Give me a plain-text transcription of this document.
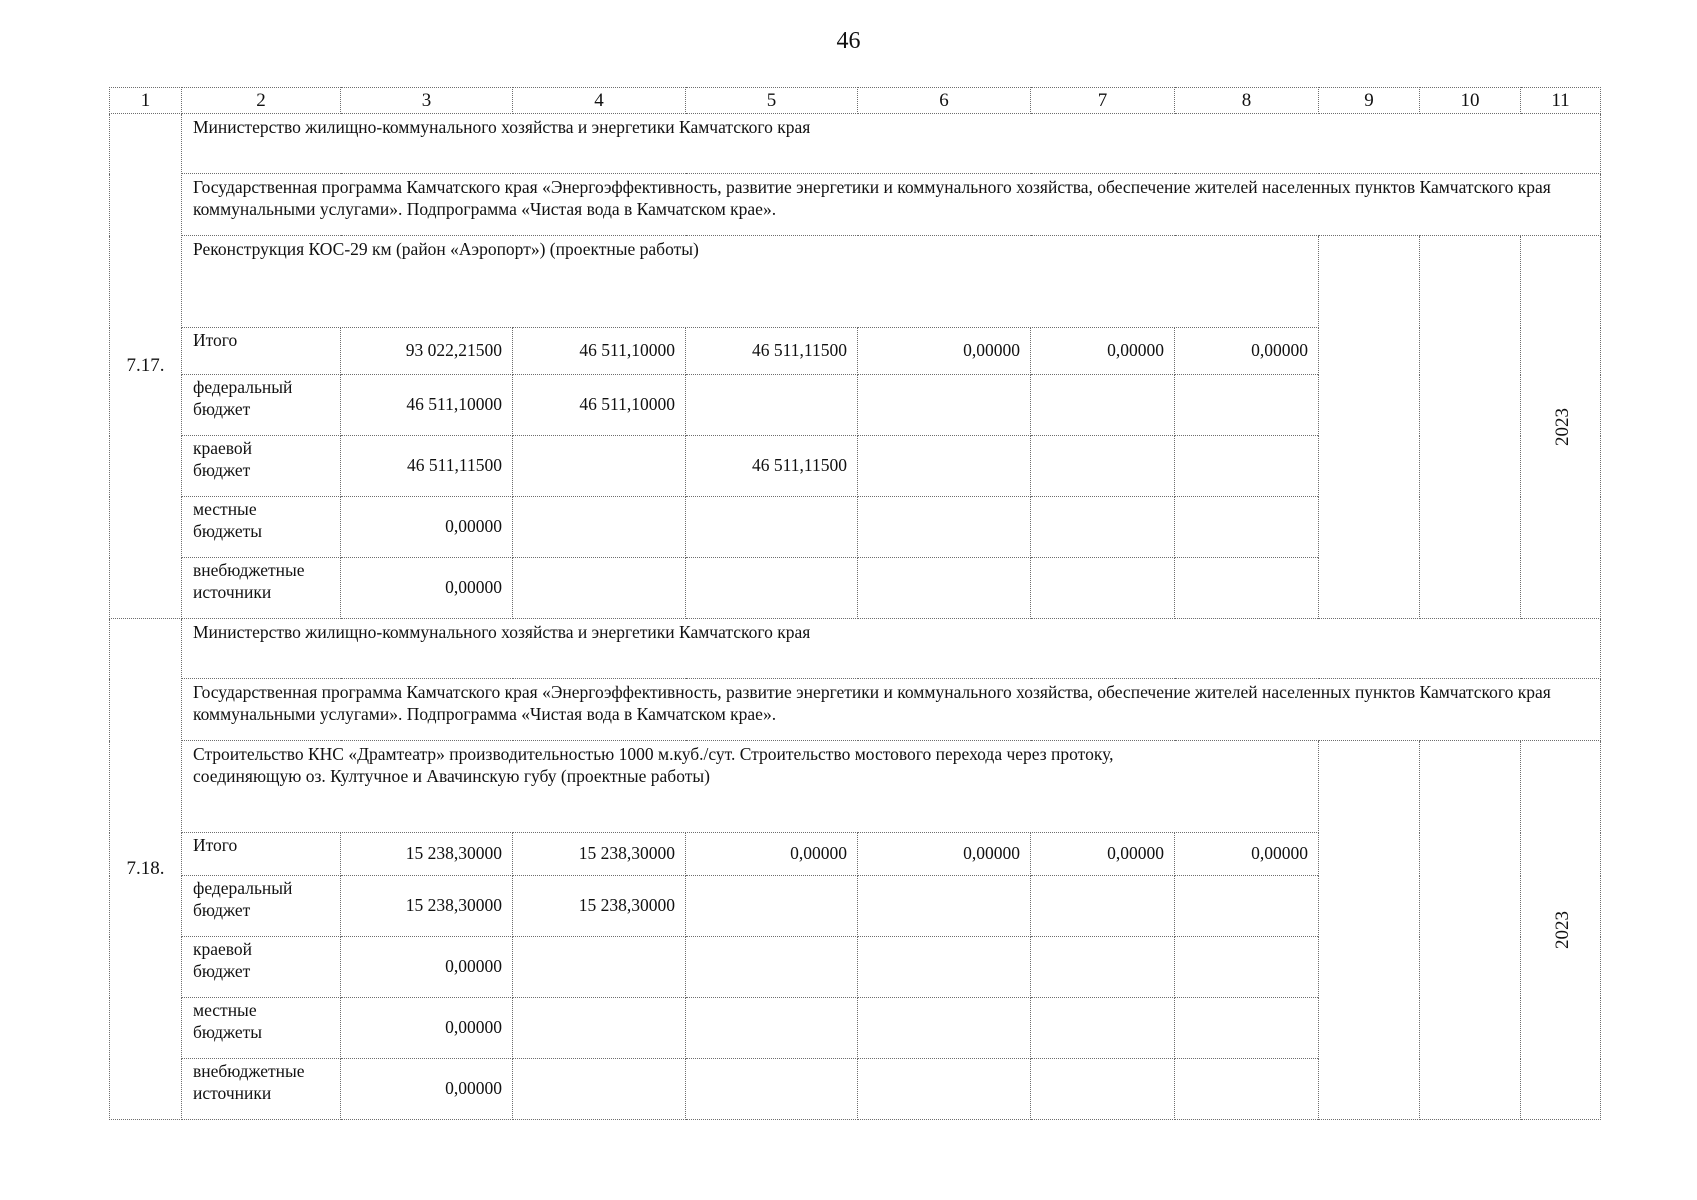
46
1	2	3	4	5	6	7	8	9	10	11
7.17.	Министерство жилищно-коммунального хозяйства и энергетики Камчатского края									
	Государственная программа Камчатского края «Энергоэффективность, развитие энергетики и коммунального хозяйства, обеспечение жителей населенных пунктов Камчатского края коммунальными услугами». Подпрограмма «Чистая вода в Камчатском крае».									
	Реконструкция КОС-29 км (район «Аэропорт») (проектные работы)									2023

	Итого	93 022,21500	46 511,10000	46 511,11500	0,00000	0,00000	0,00000			
	федеральный
бюджет	46 511,10000	46 511,10000							
	краевой
бюджет	46 511,11500		46 511,11500						
	местные
бюджеты	0,00000								
	внебюджетные
источники	0,00000								
7.18.	Министерство жилищно-коммунального хозяйства и энергетики Камчатского края									
	Государственная программа Камчатского края «Энергоэффективность, развитие энергетики и коммунального хозяйства, обеспечение жителей населенных пунктов Камчатского края коммунальными услугами». Подпрограмма «Чистая вода в Камчатском крае».									
	Строительство КНС «Драмтеатр» производительностью 1000 м.куб./сут. Строительство мостового перехода через протоку,
соединяющую оз. Култучное и Авачинскую губу (проектные работы)									2023

	Итого	15 238,30000	15 238,30000	0,00000	0,00000	0,00000	0,00000			
	федеральный
бюджет	15 238,30000	15 238,30000							
	краевой
бюджет	0,00000								
	местные
бюджеты	0,00000								
	внебюджетные
источники	0,00000								
